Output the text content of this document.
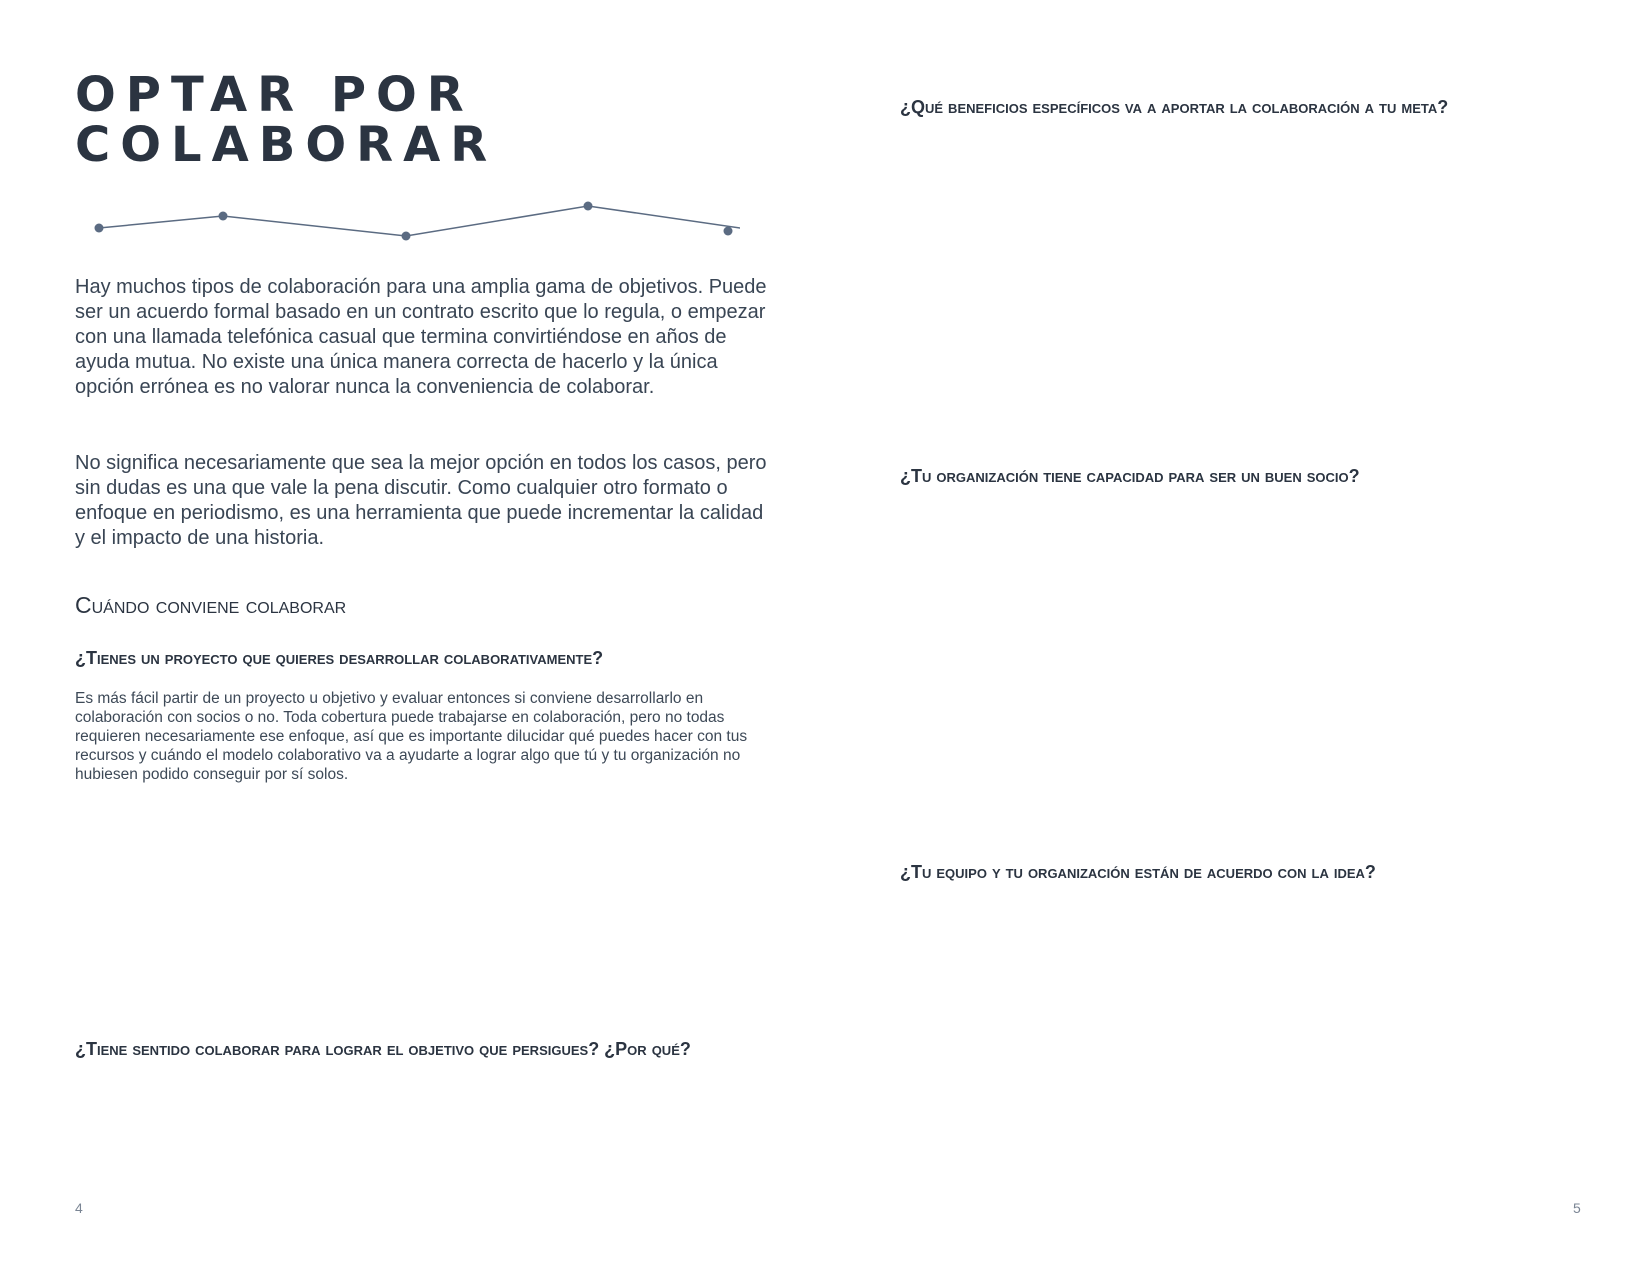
OPTAR POR
COLABORAR

Hay muchos tipos de colaboración para una amplia gama de objetivos. Puede ser un acuerdo formal basado en un contrato escrito que lo regula, o empezar con una llamada telefónica casual que termina convirtiéndose en años de ayuda mutua. No existe una única manera correcta de hacerlo y la única opción errónea es no valorar nunca la conveniencia de colaborar.

No significa necesariamente que sea la mejor opción en todos los casos, pero sin dudas es una que vale la pena discutir. Como cualquier otro formato o enfoque en periodismo, es una herramienta que puede incrementar la calidad y el impacto de una historia.

Cuándo conviene colaborar
¿Tienes un proyecto que quieres desarrollar colaborativamente?

Es más fácil partir de un proyecto u objetivo y evaluar entonces si conviene desarrollarlo en colaboración con socios o no. Toda cobertura puede trabajarse en colaboración, pero no todas requieren necesariamente ese enfoque, así que es importante dilucidar qué puedes hacer con tus recursos y cuándo el modelo colaborativo va a ayudarte a lograr algo que tú y tu organización no hubiesen podido conseguir por sí solos.

¿Tiene sentido colaborar para lograr el objetivo que persigues? ¿Por qué?

4

¿Qué beneficios específicos va a aportar la colaboración a tu meta?
¿Tu organización tiene capacidad para ser un buen socio?
¿Tu equipo y tu organización están de acuerdo con la idea?

5
